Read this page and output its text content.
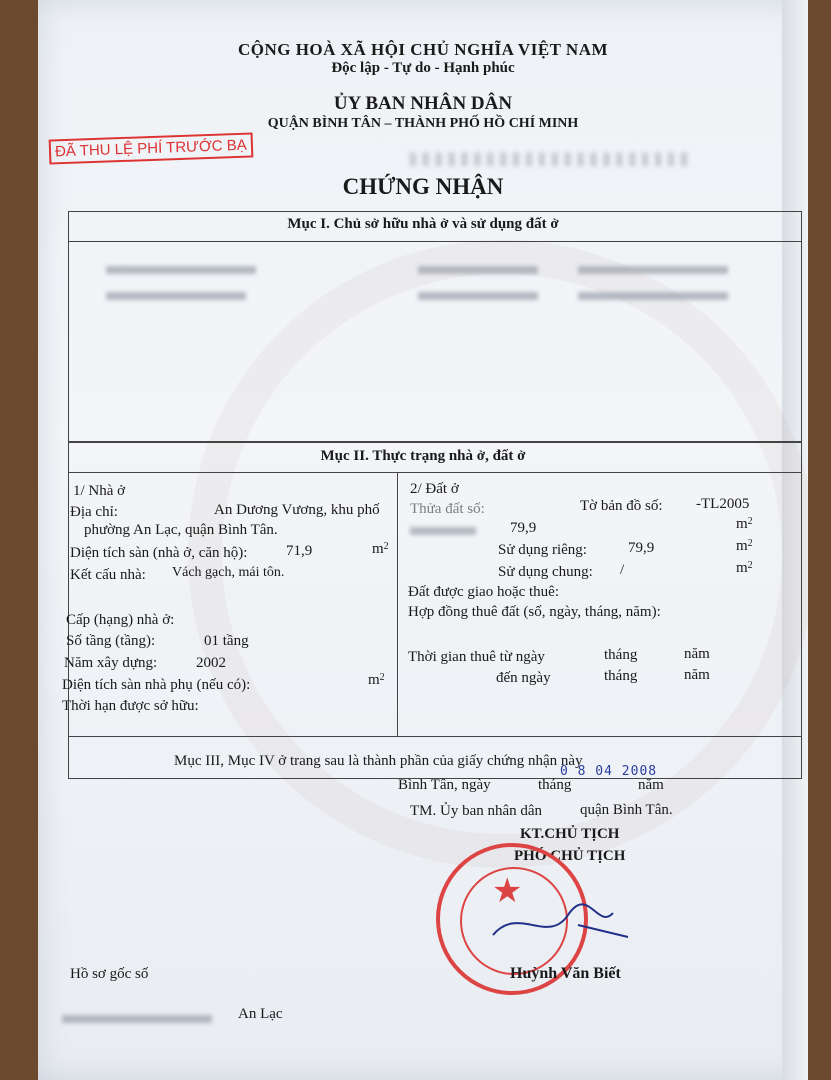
▮▮▮▮▮▮▮▮▮▮▮▮▮▮▮▮▮▮▮▮▮▮
CỘNG HOÀ XÃ HỘI CHỦ NGHĨA VIỆT NAM
Độc lập - Tự do - Hạnh phúc
ỦY BAN NHÂN DÂN
QUẬN BÌNH TÂN – THÀNH PHỐ HỒ CHÍ MINH
ĐÃ THU LỆ PHÍ TRƯỚC BẠ
CHỨNG NHẬN
Mục I. Chủ sở hữu nhà ở và sử dụng đất ở
Mục II. Thực trạng nhà ở, đất ở
1/ Nhà ở
Địa chỉ:	An Dương Vương, khu phố
phường An Lạc, quận Bình Tân.
Diện tích sàn (nhà ở, căn hộ):	71,9	$m^2$
Kết cấu nhà: Vách gạch, mái tôn.
Cấp (hạng) nhà ở:
Số tầng (tầng):	01 tầng
Năm xây dựng:	2002
Diện tích sàn nhà phụ (nếu có):	$m^2$
Thời hạn được sở hữu:
2/ Đất ở
Thửa đất số:	Tờ bản đồ số: -TL2005
79,9	$m^2$
Sử dụng riêng:	79,9	$m^2$
Sử dụng chung: /	$m^2$
Đất được giao hoặc thuê:
Hợp đồng thuê đất (số, ngày, tháng, năm):
Thời gian thuê từ ngày	tháng	năm
đến ngày	tháng	năm
Mục III, Mục IV ở trang sau là thành phần của giấy chứng nhận này
0 8 04 2008
Bình Tân, ngày	tháng	năm
TM. Ủy ban nhân dân	quận Bình Tân.
KT.CHỦ TỊCH
PHÓ CHỦ TỊCH
★
Huỳnh Văn Biết
Hồ sơ gốc số
An Lạc
